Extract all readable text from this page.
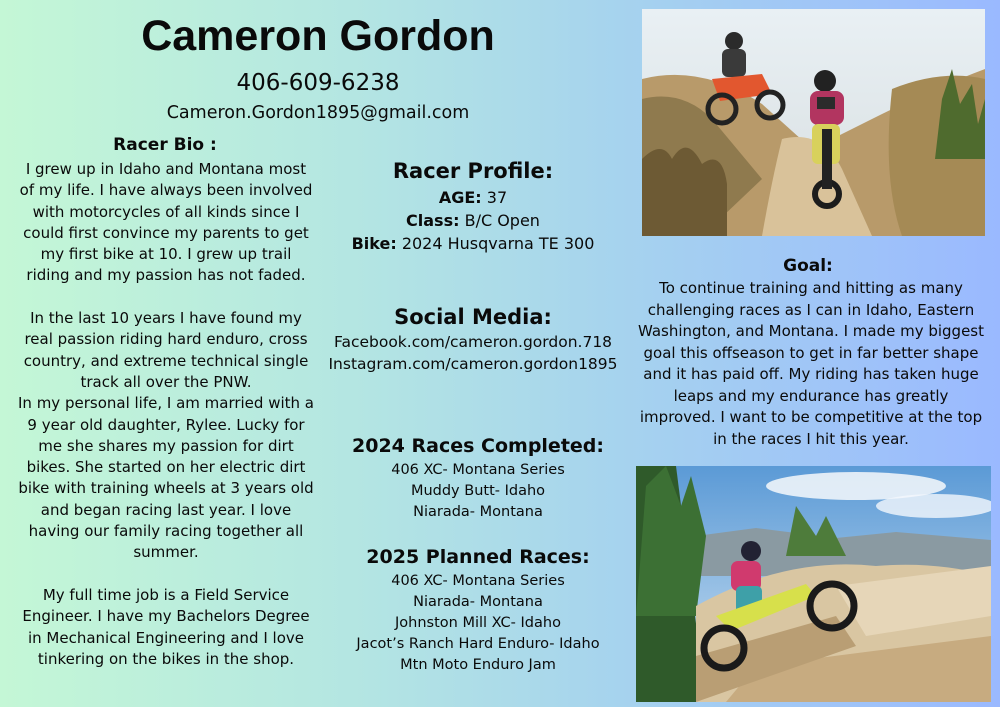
Cameron Gordon
406-609-6238
Cameron.Gordon1895@gmail.com
Racer Bio :
I grew up in Idaho and Montana most of my life. I have always been involved with motorcycles of all kinds since I could first convince my parents to get my first bike at 10. I grew up trail riding and my passion has not faded.

In the last 10 years I have found my real passion riding hard enduro, cross country, and extreme technical single track all over the PNW.
In my personal life, I am married with a 9 year old daughter, Rylee. Lucky for me she shares my passion for dirt bikes. She started on her electric dirt bike with training wheels at 3 years old and began racing last year. I love having our family racing together all summer.

My full time job is a Field Service Engineer. I have my Bachelors Degree in Mechanical Engineering and I love tinkering on the bikes in the shop.
Racer Profile:
AGE: 37
Class: B/C Open
Bike: 2024 Husqvarna TE 300
Social Media:
Facebook.com/cameron.gordon.718
Instagram.com/cameron.gordon1895
2024 Races Completed:
406 XC- Montana Series
Muddy Butt- Idaho
Niarada- Montana
2025 Planned Races:
406 XC- Montana Series
Niarada- Montana
Johnston Mill XC- Idaho
Jacot’s Ranch Hard Enduro- Idaho
Mtn Moto Enduro Jam
Goal:
To continue training and hitting as many challenging races as I can in Idaho, Eastern Washington, and Montana. I made my biggest goal this offseason to get in far better shape and it has paid off. My riding has taken huge leaps and my endurance has greatly improved. I want to be competitive at the top in the races I hit this year.
